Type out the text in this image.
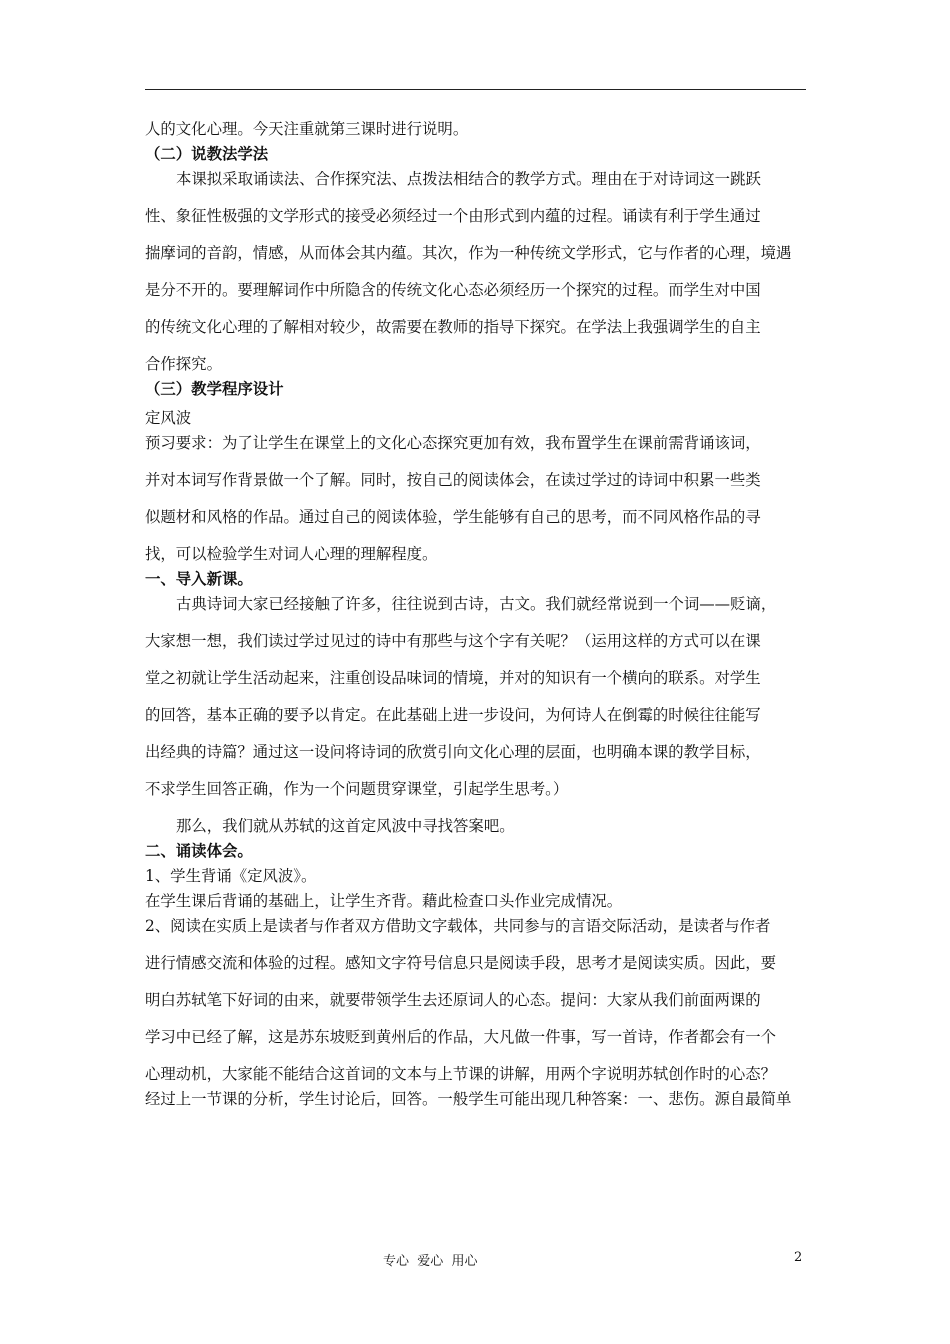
人的文化心理。今天注重就第三课时进行说明。

（二）说教法学法

本课拟采取诵读法、合作探究法、点拨法相结合的教学方式。理由在于对诗词这一跳跃

性、象征性极强的文学形式的接受必须经过一个由形式到内蕴的过程。诵读有利于学生通过

揣摩词的音韵，情感，从而体会其内蕴。其次，作为一种传统文学形式，它与作者的心理，境遇

是分不开的。要理解词作中所隐含的传统文化心态必须经历一个探究的过程。而学生对中国

的传统文化心理的了解相对较少，故需要在教师的指导下探究。在学法上我强调学生的自主

合作探究。

（三）教学程序设计

定风波

预习要求：为了让学生在课堂上的文化心态探究更加有效，我布置学生在课前需背诵该词，

并对本词写作背景做一个了解。同时，按自己的阅读体会，在读过学过的诗词中积累一些类

似题材和风格的作品。通过自己的阅读体验，学生能够有自己的思考，而不同风格作品的寻

找，可以检验学生对词人心理的理解程度。

一、导入新课。

古典诗词大家已经接触了许多，往往说到古诗，古文。我们就经常说到一个词——贬谪，

大家想一想，我们读过学过见过的诗中有那些与这个字有关呢？（运用这样的方式可以在课

堂之初就让学生活动起来，注重创设品味词的情境，并对的知识有一个横向的联系。对学生

的回答，基本正确的要予以肯定。在此基础上进一步设问，为何诗人在倒霉的时候往往能写

出经典的诗篇？通过这一设问将诗词的欣赏引向文化心理的层面，也明确本课的教学目标，

不求学生回答正确，作为一个问题贯穿课堂，引起学生思考。）

那么，我们就从苏轼的这首定风波中寻找答案吧。

二、诵读体会。

1、学生背诵《定风波》。

在学生课后背诵的基础上，让学生齐背。藉此检查口头作业完成情况。

2、阅读在实质上是读者与作者双方借助文字载体，共同参与的言语交际活动，是读者与作者

进行情感交流和体验的过程。感知文字符号信息只是阅读手段，思考才是阅读实质。因此，要

明白苏轼笔下好词的由来，就要带领学生去还原词人的心态。提问：大家从我们前面两课的

学习中已经了解，这是苏东坡贬到黄州后的作品，大凡做一件事，写一首诗，作者都会有一个

心理动机，大家能不能结合这首词的文本与上节课的讲解，用两个字说明苏轼创作时的心态？

经过上一节课的分析，学生讨论后，回答。一般学生可能出现几种答案：一、悲伤。源自最简单

专心  爱心  用心	2
